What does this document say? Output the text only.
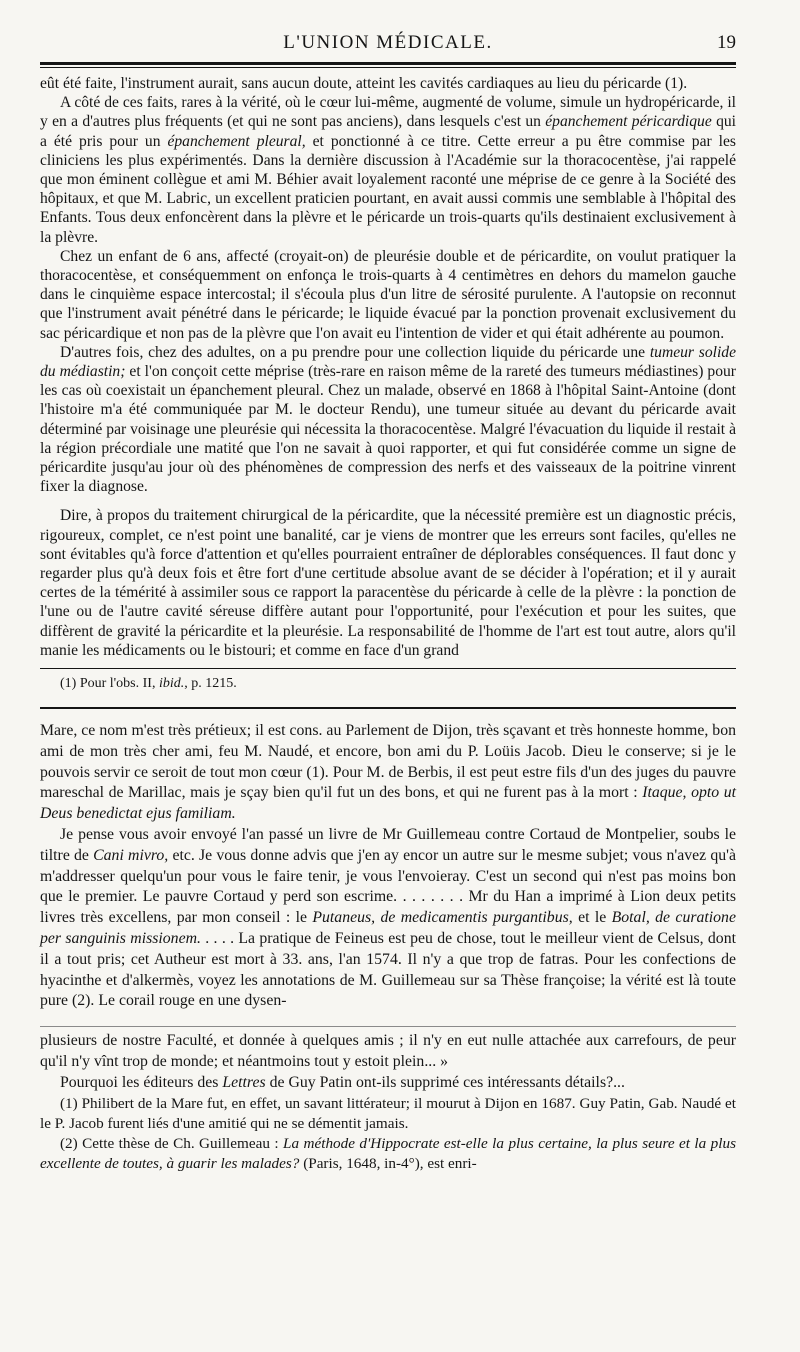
L'UNION MÉDICALE.	19

eût été faite, l'instrument aurait, sans aucun doute, atteint les cavités cardiaques au lieu du péricarde (1).

A côté de ces faits, rares à la vérité, où le cœur lui-même, augmenté de volume, simule un hydropéricarde, il y en a d'autres plus fréquents (et qui ne sont pas anciens), dans lesquels c'est un épanchement péricardique qui a été pris pour un épanchement pleural, et ponctionné à ce titre. Cette erreur a pu être commise par les cliniciens les plus expérimentés. Dans la dernière discussion à l'Académie sur la thoracocentèse, j'ai rappelé que mon éminent collègue et ami M. Béhier avait loyalement raconté une méprise de ce genre à la Société des hôpitaux, et que M. Labric, un excellent praticien pourtant, en avait aussi commis une semblable à l'hôpital des Enfants. Tous deux enfoncèrent dans la plèvre et le péricarde un trois-quarts qu'ils destinaient exclusivement à la plèvre.

Chez un enfant de 6 ans, affecté (croyait-on) de pleurésie double et de péricardite, on voulut pratiquer la thoracocentèse, et conséquemment on enfonça le trois-quarts à 4 centimètres en dehors du mamelon gauche dans le cinquième espace intercostal; il s'écoula plus d'un litre de sérosité purulente. A l'autopsie on reconnut que l'instrument avait pénétré dans le péricarde; le liquide évacué par la ponction provenait exclusivement du sac péricardique et non pas de la plèvre que l'on avait eu l'intention de vider et qui était adhérente au poumon.

D'autres fois, chez des adultes, on a pu prendre pour une collection liquide du péricarde une tumeur solide du médiastin; et l'on conçoit cette méprise (très-rare en raison même de la rareté des tumeurs médiastines) pour les cas où coexistait un épanchement pleural. Chez un malade, observé en 1868 à l'hôpital Saint-Antoine (dont l'histoire m'a été communiquée par M. le docteur Rendu), une tumeur située au devant du péricarde avait déterminé par voisinage une pleurésie qui nécessita la thoracocentèse. Malgré l'évacuation du liquide il restait à la région précordiale une matité que l'on ne savait à quoi rapporter, et qui fut considérée comme un signe de péricardite jusqu'au jour où des phénomènes de compression des nerfs et des vaisseaux de la poitrine vinrent fixer la diagnose.

Dire, à propos du traitement chirurgical de la péricardite, que la nécessité première est un diagnostic précis, rigoureux, complet, ce n'est point une banalité, car je viens de montrer que les erreurs sont faciles, qu'elles ne sont évitables qu'à force d'attention et qu'elles pourraient entraîner de déplorables conséquences. Il faut donc y regarder plus qu'à deux fois et être fort d'une certitude absolue avant de se décider à l'opération; et il y aurait certes de la témérité à assimiler sous ce rapport la paracentèse du péricarde à celle de la plèvre : la ponction de l'une ou de l'autre cavité séreuse diffère autant pour l'opportunité, pour l'exécution et pour les suites, que diffèrent de gravité la péricardite et la pleurésie. La responsabilité de l'homme de l'art est tout autre, alors qu'il manie les médicaments ou le bistouri; et comme en face d'un grand

(1) Pour l'obs. II, ibid., p. 1215.

Mare, ce nom m'est très prétieux; il est cons. au Parlement de Dijon, très sçavant et très honneste homme, bon ami de mon très cher ami, feu M. Naudé, et encore, bon ami du P. Loüis Jacob. Dieu le conserve; si je le pouvois servir ce seroit de tout mon cœur (1). Pour M. de Berbis, il est peut estre fils d'un des juges du pauvre mareschal de Marillac, mais je sçay bien qu'il fut un des bons, et qui ne furent pas à la mort : Itaque, opto ut Deus benedictat ejus familiam.

Je pense vous avoir envoyé l'an passé un livre de Mr Guillemeau contre Cortaud de Montpelier, soubs le tiltre de Cani mivro, etc. Je vous donne advis que j'en ay encor un autre sur le mesme subjet; vous n'avez qu'à m'addresser quelqu'un pour vous le faire tenir, je vous l'envoieray. C'est un second qui n'est pas moins bon que le premier. Le pauvre Cortaud y perd son escrime. . . . . . . . Mr du Han a imprimé à Lion deux petits livres très excellens, par mon conseil : le Putaneus, de medicamentis purgantibus, et le Botal, de curatione per sanguinis missionem. . . . . La pratique de Feineus est peu de chose, tout le meilleur vient de Celsus, dont il a tout pris; cet Autheur est mort à 33. ans, l'an 1574. Il n'y a que trop de fatras. Pour les confections de hyacinthe et d'alkermès, voyez les annotations de M. Guillemeau sur sa Thèse françoise; la vérité est là toute pure (2). Le corail rouge en une dysen-

plusieurs de nostre Faculté, et donnée à quelques amis ; il n'y en eut nulle attachée aux carrefours, de peur qu'il n'y vînt trop de monde; et néantmoins tout y estoit plein... »

Pourquoi les éditeurs des Lettres de Guy Patin ont-ils supprimé ces intéressants détails?...

(1) Philibert de la Mare fut, en effet, un savant littérateur; il mourut à Dijon en 1687. Guy Patin, Gab. Naudé et le P. Jacob furent liés d'une amitié qui ne se démentit jamais.

(2) Cette thèse de Ch. Guillemeau : La méthode d'Hippocrate est-elle la plus certaine, la plus seure et la plus excellente de toutes, à guarir les malades? (Paris, 1648, in-4°), est enri-
